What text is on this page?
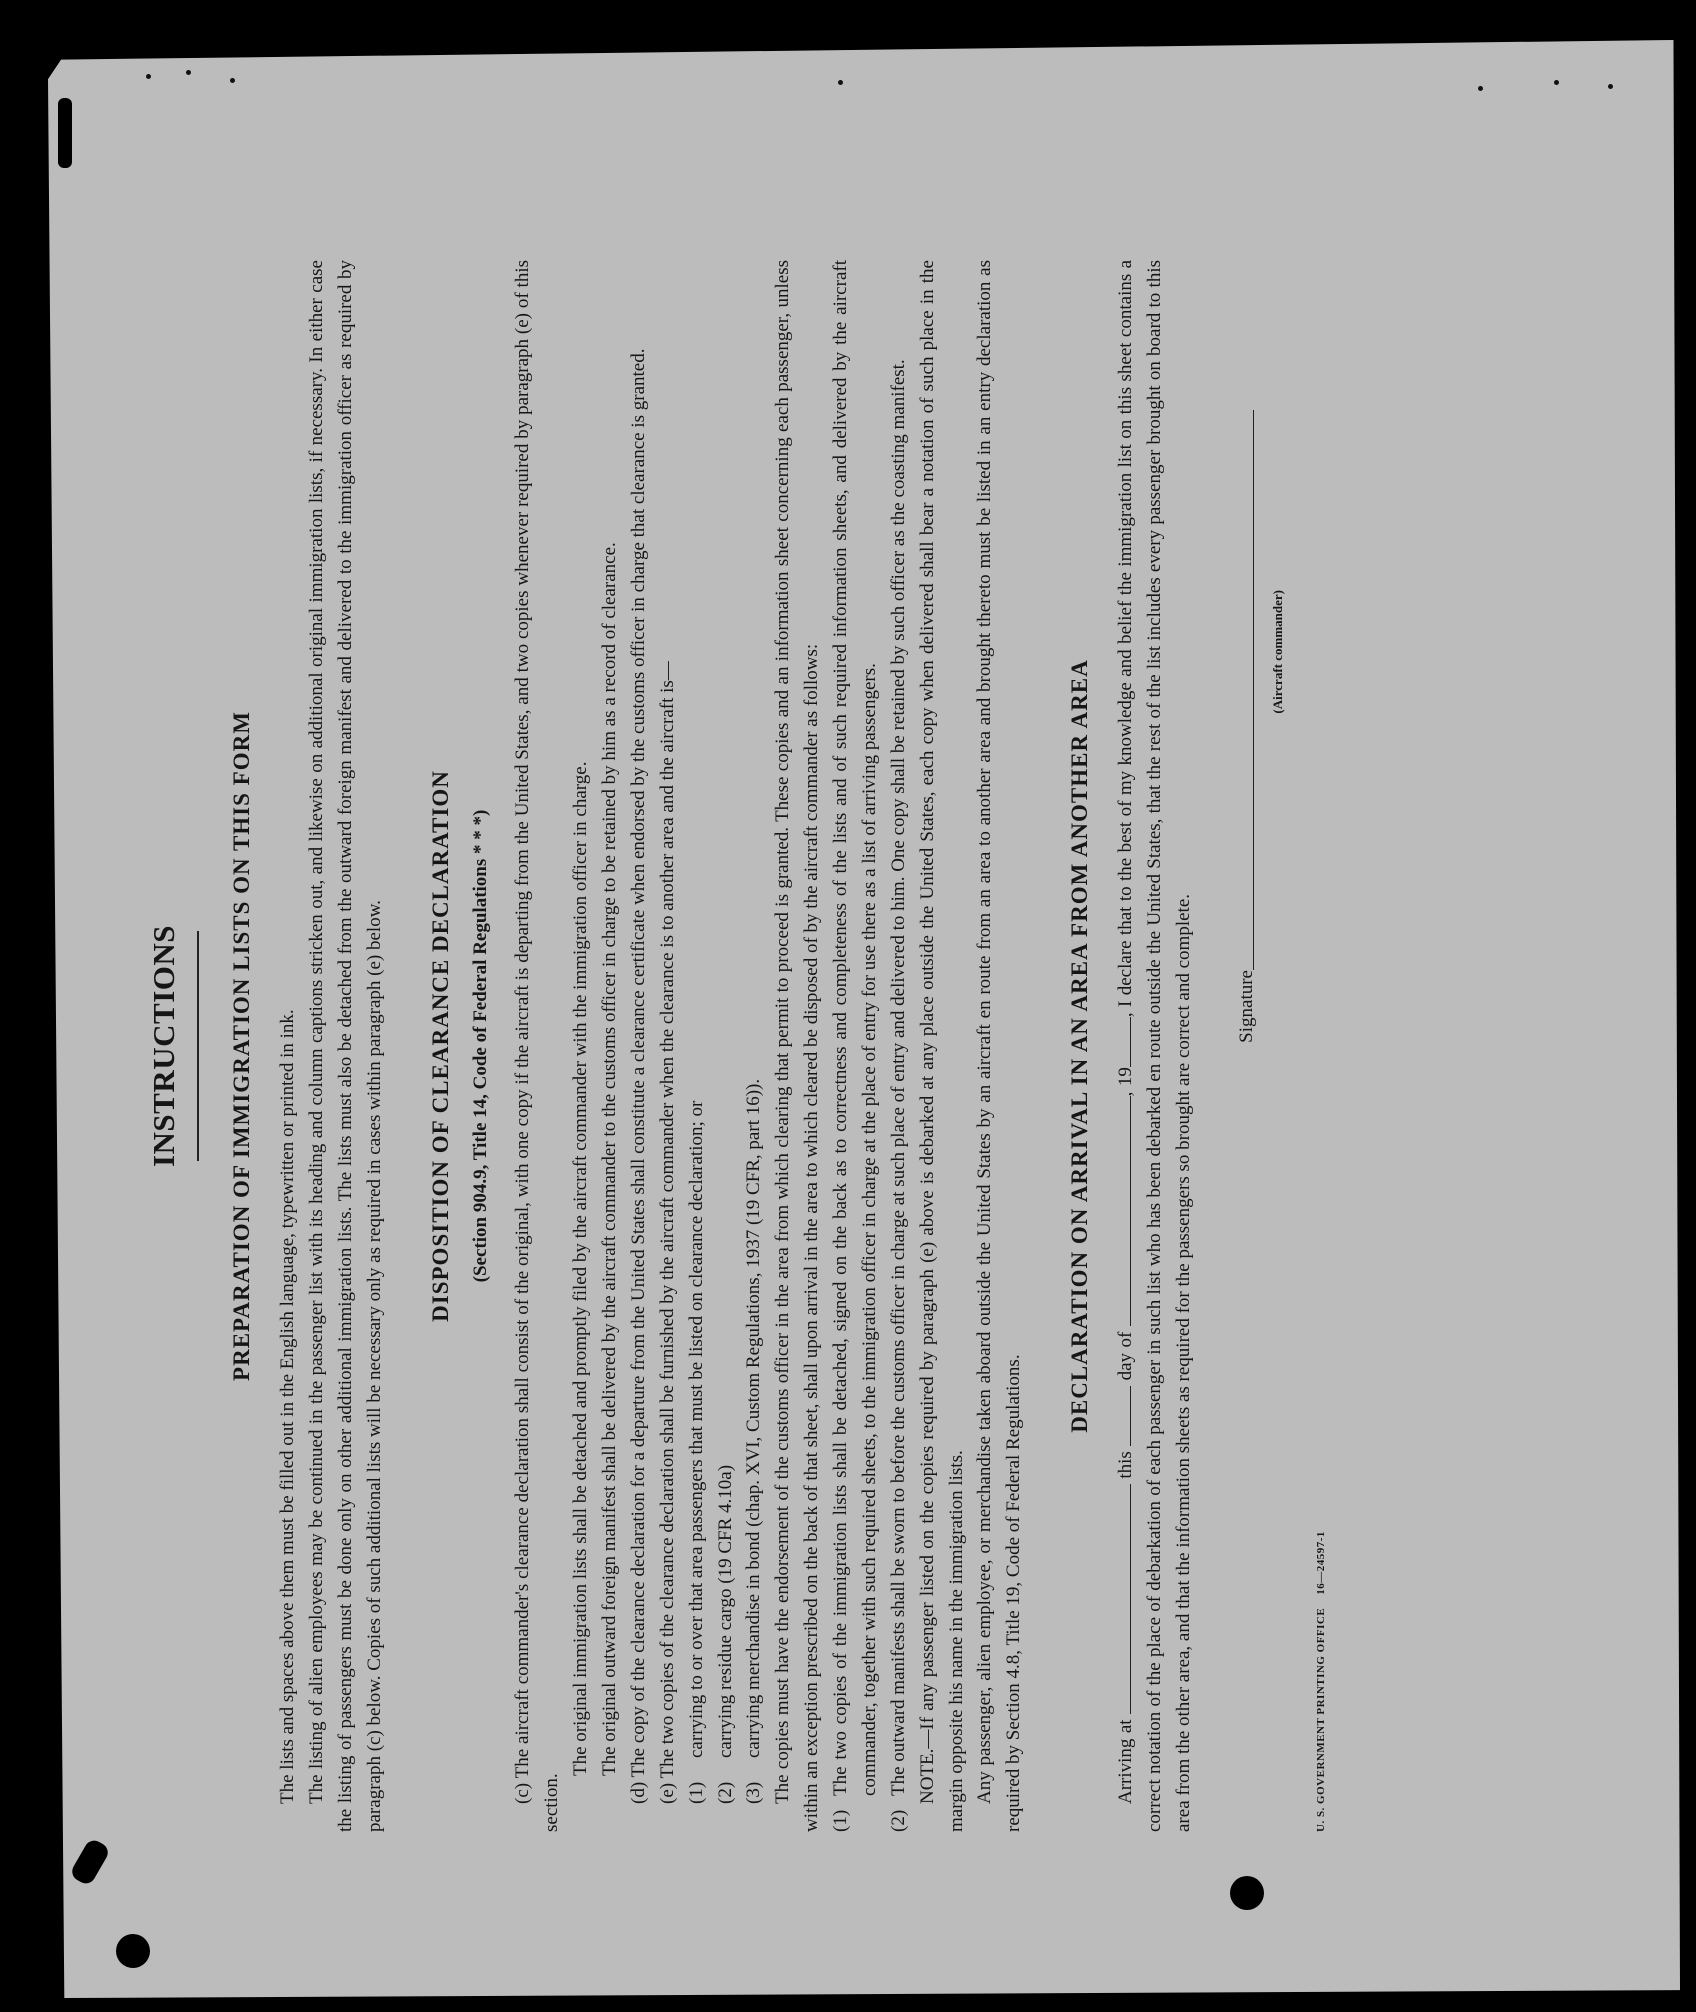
INSTRUCTIONS PREPARATION OF IMMIGRATION LISTS ON THIS FORM	The lists and spaces above them must be filled out in the English language, typewritten or printed in ink. The listing of alien employees may be continued in the passenger list with its heading and column captions stricken out, and likewise on additional original immigration lists, if necessary. In either case the listing of passengers must be done only on other additional immigration lists. The lists must also be detached from the outward foreign manifest and delivered to the immigration officer as required by paragraph (c) below. Copies of such additional lists will be necessary only as required in cases within paragraph (e) below. DISPOSITION OF CLEARANCE DECLARATION (Section 904.9, Title 14, Code of Federal Regulations * * *) (c) The aircraft commander's clearance declaration shall consist of the original, with one copy if the aircraft is departing from the United States, and two copies whenever required by paragraph (e) of this section.

The original immigration lists shall be detached and promptly filed by the aircraft commander with the immigration officer in charge. The original outward foreign manifest shall be delivered by the aircraft commander to the customs officer in charge to be retained by him as a record of clearance. (d) The copy of the clearance declaration for a departure from the United States shall constitute a clearance certificate when endorsed by the customs officer in charge that clearance is granted. (e) The two copies of the clearance declaration shall be furnished by the aircraft commander when the clearance is to another area and the aircraft is— (1)
carrying to or over that area passengers that must be listed on clearance declaration; or
(2)
carrying residue cargo (19 CFR 4.10a)
(3)
carrying merchandise in bond (chap. XVI, Custom Regulations, 1937 (19 CFR, part 16)). The copies must have the endorsement of the customs officer in the area from which clearing that permit to proceed is granted. These copies and an information sheet concerning each passenger, unless within an exception prescribed on the back of that sheet, shall upon arrival in the area to which cleared be disposed of by the aircraft commander as follows: (1)

The two copies of the immigration lists shall be detached, signed on the back as to correctness and completeness of the lists and of such required information sheets, and delivered by the aircraft commander, together with such required sheets, to the immigration officer in charge at the place of entry for use there as a list of arriving passengers.

(2)

The outward manifests shall be sworn to before the customs officer in charge at such place of entry and delivered to him. One copy shall be retained by such officer as the coasting manifest. NOTE.—If any passenger listed on the copies required by paragraph (e) above is debarked at any place outside the United States, each copy when delivered shall bear a notation of such place in the margin opposite his name in the immigration lists. Any passenger, alien employee, or merchandise taken aboard outside the United States by an aircraft en route from an area to another area and brought thereto must be listed in an entry declaration as required by Section 4.8, Title 19, Code of Federal Regulations.

DECLARATION ON ARRIVAL IN AN AREA FROM ANOTHER AREA

Arriving at  this  day of , 19, I declare that to the best of my knowledge and belief the immigration list on this sheet contains a correct notation of the place of debarkation of each passenger in such list who has been debarked en route outside the United States, that the rest of the list includes every passenger brought on board to this area from the other area, and that the information sheets as required for the passengers so brought are correct and complete. Signature
(Aircraft commander)
U. S. GOVERNMENT PRINTING OFFICE    16—24597-1
